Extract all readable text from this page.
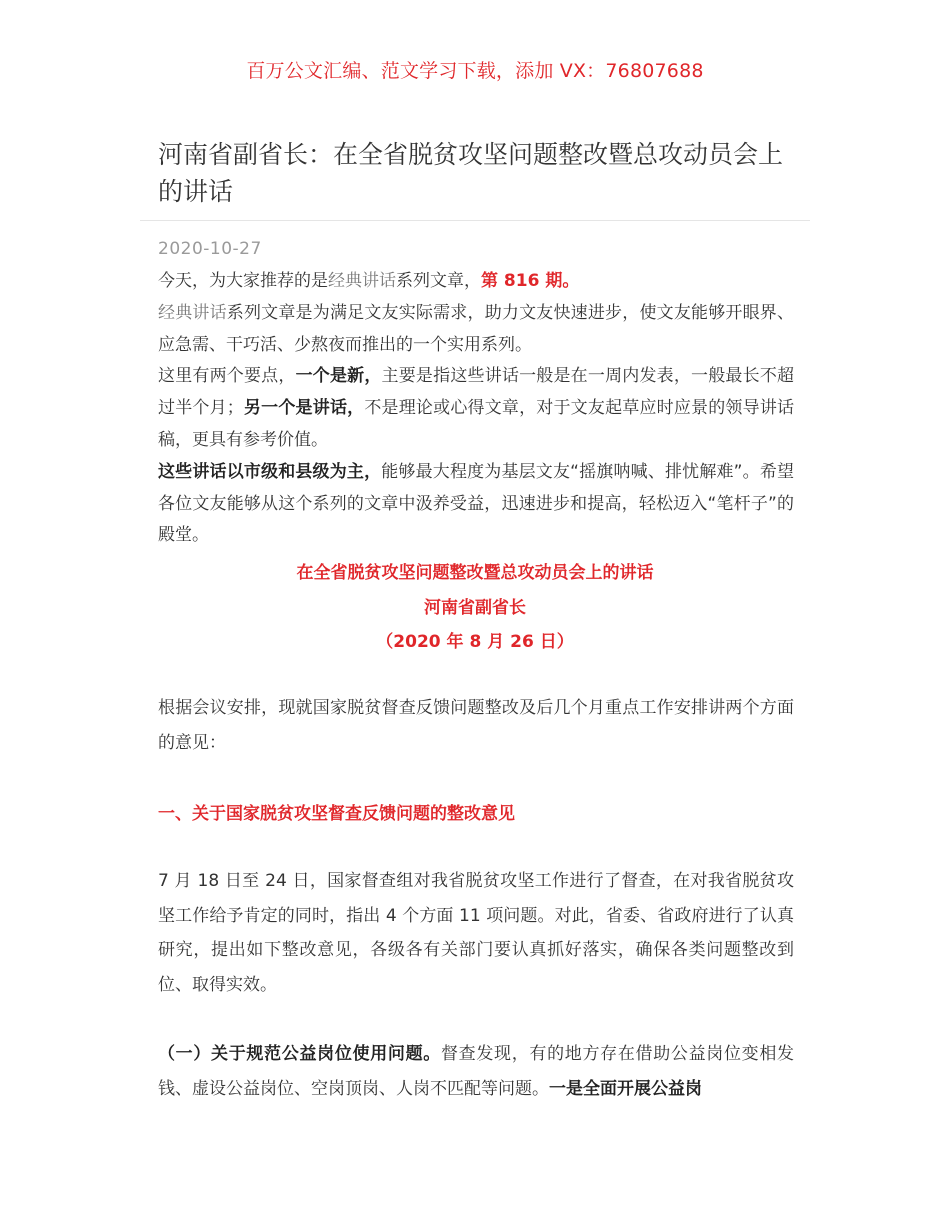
百万公文汇编、范文学习下载，添加 VX：76807688
河南省副省长：在全省脱贫攻坚问题整改暨总攻动员会上的讲话
2020-10-27

今天，为大家推荐的是经典讲话系列文章，第 816 期。

经典讲话系列文章是为满足文友实际需求，助力文友快速进步，使文友能够开眼界、应急需、干巧活、少熬夜而推出的一个实用系列。

这里有两个要点，一个是新，主要是指这些讲话一般是在一周内发表，一般最长不超过半个月；另一个是讲话，不是理论或心得文章，对于文友起草应时应景的领导讲话稿，更具有参考价值。

这些讲话以市级和县级为主，能够最大程度为基层文友“摇旗呐喊、排忧解难”。希望各位文友能够从这个系列的文章中汲养受益，迅速进步和提高，轻松迈入“笔杆子”的殿堂。

在全省脱贫攻坚问题整改暨总攻动员会上的讲话
河南省副省长
（2020 年 8 月 26 日）

根据会议安排，现就国家脱贫督查反馈问题整改及后几个月重点工作安排讲两个方面的意见：

一、关于国家脱贫攻坚督查反馈问题的整改意见

7 月 18 日至 24 日，国家督查组对我省脱贫攻坚工作进行了督查，在对我省脱贫攻坚工作给予肯定的同时，指出 4 个方面 11 项问题。对此，省委、省政府进行了认真研究，提出如下整改意见，各级各有关部门要认真抓好落实，确保各类问题整改到位、取得实效。

（一）关于规范公益岗位使用问题。督查发现，有的地方存在借助公益岗位变相发钱、虚设公益岗位、空岗顶岗、人岗不匹配等问题。一是全面开展公益岗
